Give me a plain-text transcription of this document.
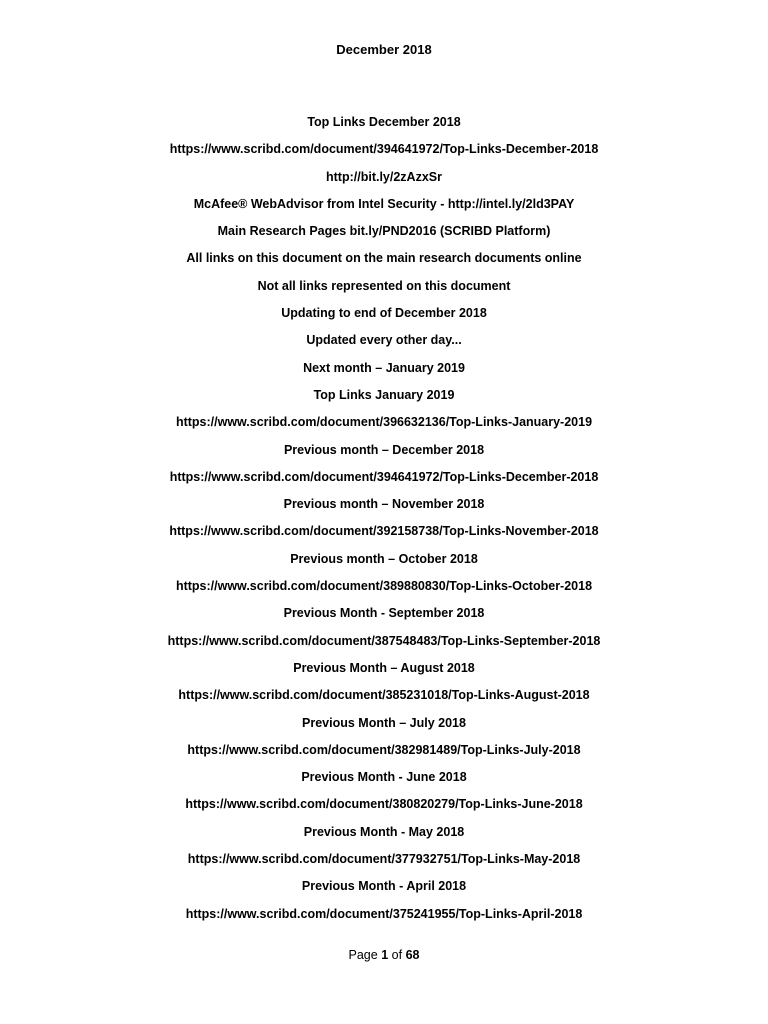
December 2018
Top Links December 2018
https://www.scribd.com/document/394641972/Top-Links-December-2018
http://bit.ly/2zAzxSr
McAfee® WebAdvisor from Intel Security - http://intel.ly/2ld3PAY
Main Research Pages bit.ly/PND2016 (SCRIBD Platform)
All links on this document on the main research documents online
Not all links represented on this document
Updating to end of December 2018
Updated every other day...
Next month – January 2019
Top Links January 2019
https://www.scribd.com/document/396632136/Top-Links-January-2019
Previous month – December 2018
https://www.scribd.com/document/394641972/Top-Links-December-2018
Previous month – November 2018
https://www.scribd.com/document/392158738/Top-Links-November-2018
Previous month – October 2018
https://www.scribd.com/document/389880830/Top-Links-October-2018
Previous Month - September 2018
https://www.scribd.com/document/387548483/Top-Links-September-2018
Previous Month – August 2018
https://www.scribd.com/document/385231018/Top-Links-August-2018
Previous Month – July 2018
https://www.scribd.com/document/382981489/Top-Links-July-2018
Previous Month - June 2018
https://www.scribd.com/document/380820279/Top-Links-June-2018
Previous Month - May 2018
https://www.scribd.com/document/377932751/Top-Links-May-2018
Previous Month - April 2018
https://www.scribd.com/document/375241955/Top-Links-April-2018
Page 1 of 68
